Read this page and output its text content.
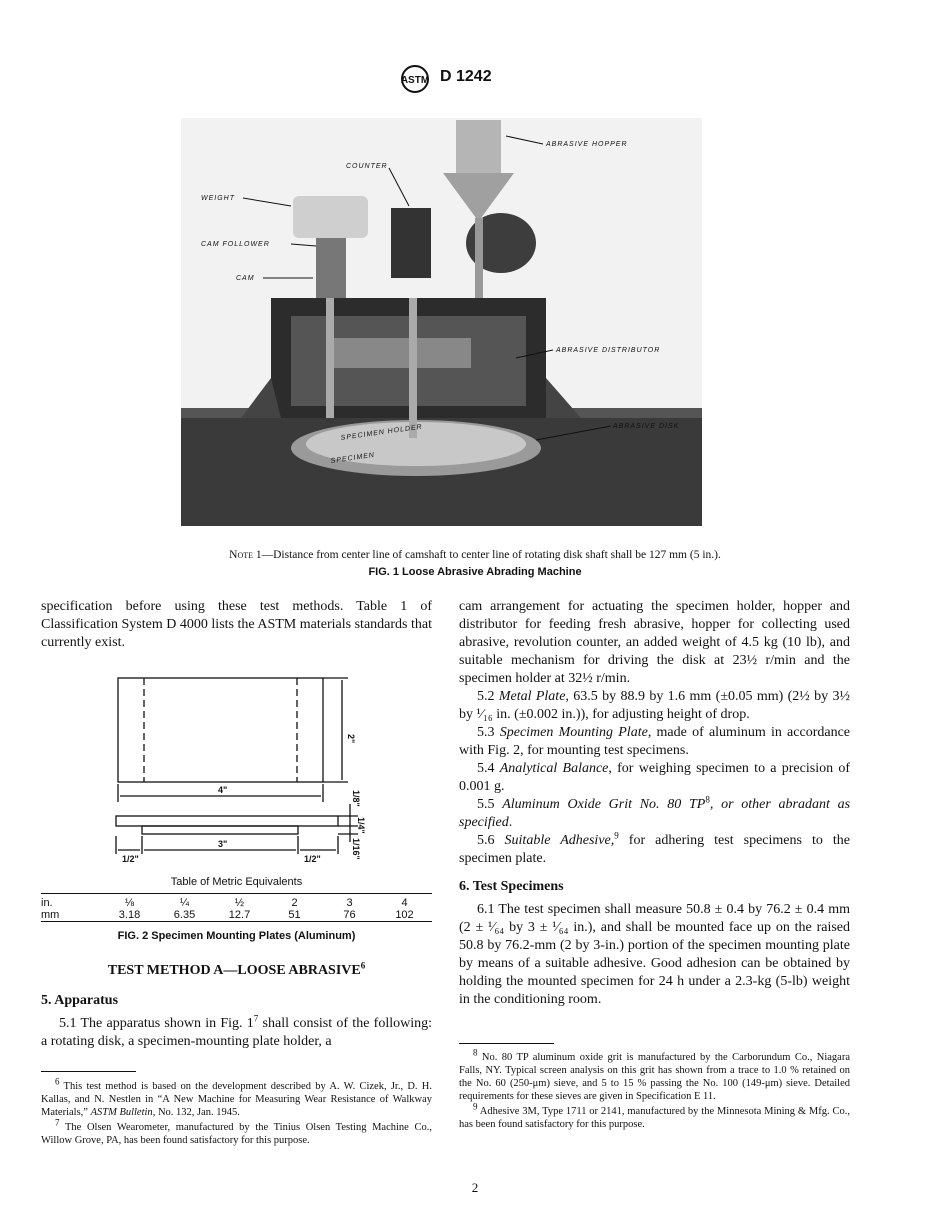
ASTM D 1242
ABRASIVE HOPPER
COUNTER
WEIGHT
CAM FOLLOWER
CAM
ABRASIVE DISTRIBUTOR
ABRASIVE DISK
SPECIMEN HOLDER
SPECIMEN
Note 1—Distance from center line of camshaft to center line of rotating disk shaft shall be 127 mm (5 in.).
FIG. 1 Loose Abrasive Abrading Machine

specification before using these test methods. Table 1 of Classification System D 4000 lists the ASTM materials standards that currently exist.

2"
4"
3"
1/2"	1/2"
1/8"
1/4"
1/16"
Table of Metric Equivalents
in.	⅛	¼	½	2	3	4
mm	3.18	6.35	12.7	51	76	102
FIG. 2 Specimen Mounting Plates (Aluminum)

TEST METHOD A—LOOSE ABRASIVE$^6$

5. Apparatus

5.1 The apparatus shown in Fig. $1^7$ shall consist of the following: a rotating disk, a specimen-mounting plate holder, a

$^6$ This test method is based on the development described by A. W. Cizek, Jr., D. H. Kallas, and N. Nestlen in “A New Machine for Measuring Wear Resistance of Walkway Materials,” ASTM Bulletin, No. 132, Jan. 1945.

$^7$ The Olsen Wearometer, manufactured by the Tinius Olsen Testing Machine Co., Willow Grove, PA, has been found satisfactory for this purpose.

cam arrangement for actuating the specimen holder, hopper and distributor for feeding fresh abrasive, hopper for collecting used abrasive, revolution counter, an added weight of 4.5 kg (10 lb), and suitable mechanism for driving the disk at 23½ r/min and the specimen holder at 32½ r/min.

5.2 Metal Plate, 63.5 by 88.9 by 1.6 mm (±0.05 mm) (2½ by 3½ by ¹⁄₁₆ in. (±0.002 in.)), for adjusting height of drop.

5.3 Specimen Mounting Plate, made of aluminum in accordance with Fig. 2, for mounting test specimens.

5.4 Analytical Balance, for weighing specimen to a precision of 0.001 g.

5.5 Aluminum Oxide Grit No. 80 $TP^8$, or other abradant as specified.

5.6 Suitable Adhesive,$^9$ for adhering test specimens to the specimen plate.

6. Test Specimens

6.1 The test specimen shall measure 50.8 ± 0.4 by 76.2 ± 0.4 mm (2 ± ¹⁄₆₄ by 3 ± ¹⁄₆₄ in.), and shall be mounted face up on the raised 50.8 by 76.2-mm (2 by 3-in.) portion of the specimen mounting plate by means of a suitable adhesive. Good adhesion can be obtained by holding the mounted specimen for 24 h under a 2.3-kg (5-lb) weight in the conditioning room.

$^8$ No. 80 TP aluminum oxide grit is manufactured by the Carborundum Co., Niagara Falls, NY. Typical screen analysis on this grit has shown from a trace to 1.0 % retained on the No. 60 (250-μm) sieve, and 5 to 15 % passing the No. 100 (149-μm) sieve. Detailed requirements for these sieves are given in Specification E 11.

$^9$ Adhesive 3M, Type 1711 or 2141, manufactured by the Minnesota Mining & Mfg. Co., has been found satisfactory for this purpose.

2
